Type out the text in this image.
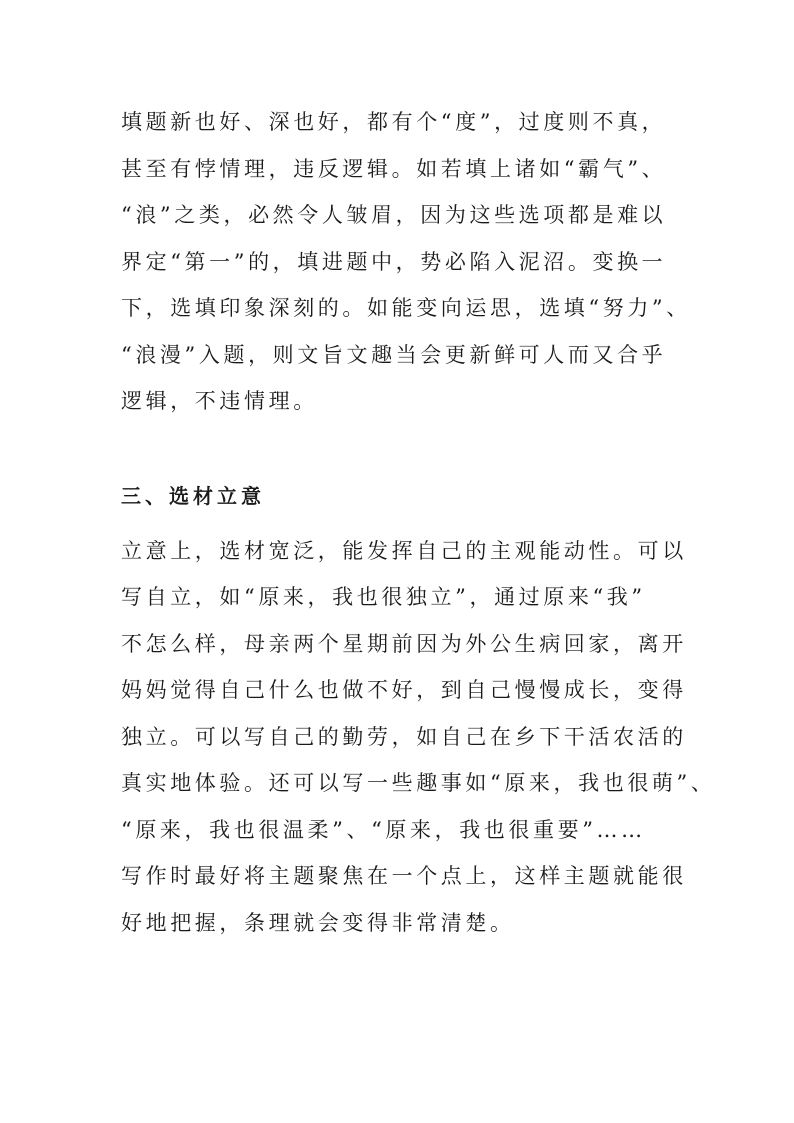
填题新也好、深也好，都有个“度”，过度则不真，
甚至有悖情理，违反逻辑。如若填上诸如“霸气”、
“浪”之类，必然令人皱眉，因为这些选项都是难以
界定“第一”的，填进题中，势必陷入泥沼。变换一
下，选填印象深刻的。如能变向运思，选填“努力”、
“浪漫”入题，则文旨文趣当会更新鲜可人而又合乎
逻辑，不违情理。
三、选材立意
立意上，选材宽泛，能发挥自己的主观能动性。可以
写自立，如“原来，我也很独立”，通过原来“我”
不怎么样，母亲两个星期前因为外公生病回家，离开
妈妈觉得自己什么也做不好，到自己慢慢成长，变得
独立。可以写自己的勤劳，如自己在乡下干活农活的
真实地体验。还可以写一些趣事如“原来，我也很萌”、
“原来，我也很温柔”、“原来，我也很重要”……
写作时最好将主题聚焦在一个点上，这样主题就能很
好地把握，条理就会变得非常清楚。
